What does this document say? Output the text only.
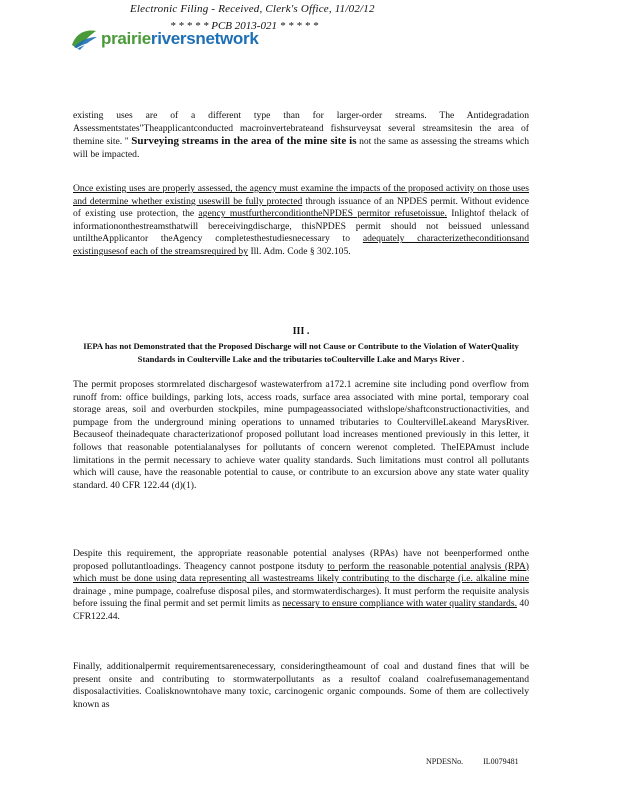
Electronic Filing - Received, Clerk's Office, 11/02/12
* * * * * PCB 2013-021 * * * * *
prairieriversnetwork
existing uses are of a different type than for larger-order streams. The Antidegradation Assessmentstates"Theapplicantconducted macroinvertebrateand fishsurveysat several streamsitesin the area of themine site. " Surveying streams in the area of the mine site is not the same as assessing the streams which will be impacted.
Once existing uses are properly assessed, the agency must examine the impacts of the proposed activity on those uses and determine whether existing useswill be fully protected through issuance of an NPDES permit. Without evidence of existing use protection, the agency mustfurtherconditiontheNPDES permitor refusetoissue. Inlightof thelack of informationonthestreamsthatwill bereceivingdischarge, thisNPDES permit should not beissued unlessand untiltheApplicantor theAgency completesthestudiesnecessary to adequately characterizetheconditionsand existingusesof each of the streamsrequired by Ill. Adm. Code § 302.105.
III .
IEPA has not Demonstrated that the Proposed Discharge will not Cause or Contribute to the Violation of WaterQuality Standards in Coulterville Lake and the tributaries toCoulterville Lake and Marys River .
The permit proposes stormrelated dischargesof wastewaterfrom a172.1 acremine site including pond overflow from runoff from: office buildings, parking lots, access roads, surface area associated with mine portal, temporary coal storage areas, soil and overburden stockpiles, mine pumpageassociated withslope/shaftconstructionactivities, and pumpage from the underground mining operations to unnamed tributaries to CoultervilleLakeand MarysRiver. Becauseof theinadequate characterizationof proposed pollutant load increases mentioned previously in this letter, it follows that reasonable potentialanalyses for pollutants of concern werenot completed. TheIEPAmust include limitations in the permit necessary to achieve water quality standards. Such limitations must control all pollutants which will cause, have the reasonable potential to cause, or contribute to an excursion above any state water quality standard. 40 CFR 122.44 (d)(1).
Despite this requirement, the appropriate reasonable potential analyses (RPAs) have not beenperformed onthe proposed pollutantloadings. Theagency cannot postpone itsduty to perform the reasonable potential analysis (RPA) which must be done using data representing all wastestreams likely contributing to the discharge (i.e. alkaline mine drainage , mine pumpage, coalrefuse disposal piles, and stormwaterdischarges). It must perform the requisite analysis before issuing the final permit and set permit limits as necessary to ensure compliance with water quality standards. 40 CFR122.44.
Finally, additionalpermit requirementsarenecessary, consideringtheamount of coal and dustand fines that will be present onsite and contributing to stormwaterpollutants as a resultof coaland coalrefusemanagementand disposalactivities. Coalisknowntohave many toxic, carcinogenic organic compounds. Some of them are collectively known as
NPDESNo.	IL0079481
